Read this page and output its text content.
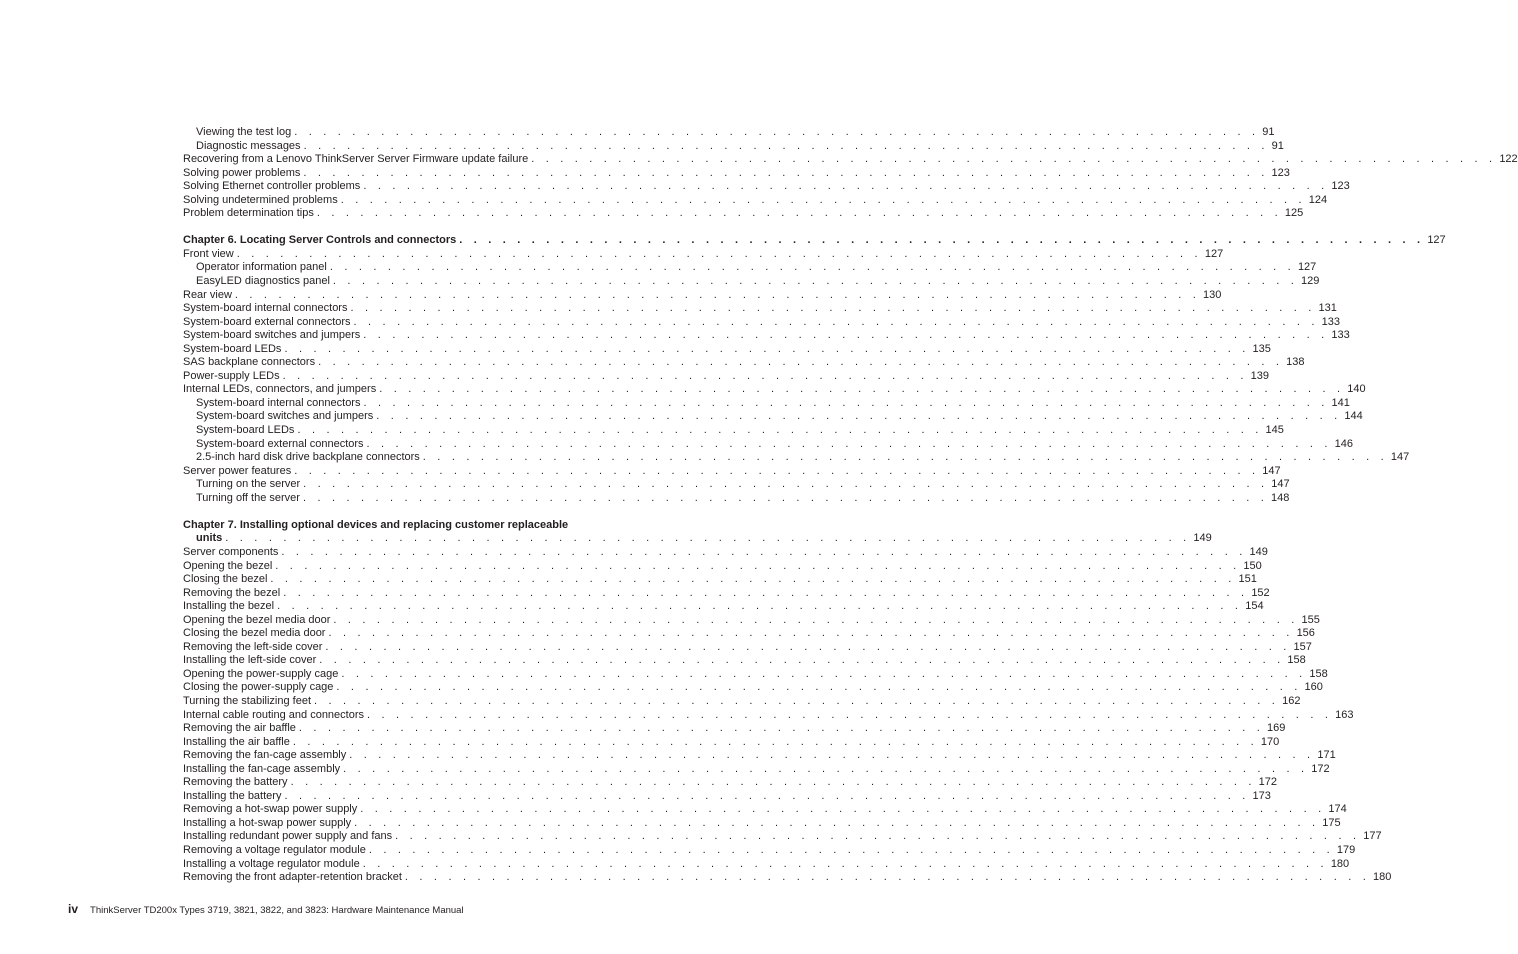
Viewing the test log . . . . . . . . . . . . . . . . . . . . . . . . . . . . . . . . . . . . . . . . . . . . . . . . . . . . . . . . . . . . . . . . . . . 91
Diagnostic messages . . . . . . . . . . . . . . . . . . . . . . . . . . . . . . . . . . . . . . . . . . . . . . . . . . . . . . . . . . . . . . . . . . . 91
Recovering from a Lenovo ThinkServer Server Firmware update failure . . . . . . . . . . . . . . . . . . . . . . . . . . . . . . . . . . . . . . . . . . . . . . . . . . . . . . . . . . . . . . . . . . . 122
Solving power problems . . . . . . . . . . . . . . . . . . . . . . . . . . . . . . . . . . . . . . . . . . . . . . . . . . . . . . . . . . . . . . . . . . . 123
Solving Ethernet controller problems . . . . . . . . . . . . . . . . . . . . . . . . . . . . . . . . . . . . . . . . . . . . . . . . . . . . . . . . . . . . . . . . . . . 123
Solving undetermined problems . . . . . . . . . . . . . . . . . . . . . . . . . . . . . . . . . . . . . . . . . . . . . . . . . . . . . . . . . . . . . . . . . . . 124
Problem determination tips . . . . . . . . . . . . . . . . . . . . . . . . . . . . . . . . . . . . . . . . . . . . . . . . . . . . . . . . . . . . . . . . . . . 125
Chapter 6. Locating Server Controls and connectors . . . . . . . . . . . . . . . . . . . . . . . . . . . . . . . . . . . . . . . . . . . . . . . . . . . . . . . . . . . . . . . . . . . 127
Front view . . . . . . . . . . . . . . . . . . . . . . . . . . . . . . . . . . . . . . . . . . . . . . . . . . . . . . . . . . . . . . . . . . . 127
Operator information panel . . . . . . . . . . . . . . . . . . . . . . . . . . . . . . . . . . . . . . . . . . . . . . . . . . . . . . . . . . . . . . . . . . . 127
EasyLED diagnostics panel . . . . . . . . . . . . . . . . . . . . . . . . . . . . . . . . . . . . . . . . . . . . . . . . . . . . . . . . . . . . . . . . . . . 129
Rear view . . . . . . . . . . . . . . . . . . . . . . . . . . . . . . . . . . . . . . . . . . . . . . . . . . . . . . . . . . . . . . . . . . . 130
System-board internal connectors . . . . . . . . . . . . . . . . . . . . . . . . . . . . . . . . . . . . . . . . . . . . . . . . . . . . . . . . . . . . . . . . . . . 131
System-board external connectors . . . . . . . . . . . . . . . . . . . . . . . . . . . . . . . . . . . . . . . . . . . . . . . . . . . . . . . . . . . . . . . . . . . 133
System-board switches and jumpers . . . . . . . . . . . . . . . . . . . . . . . . . . . . . . . . . . . . . . . . . . . . . . . . . . . . . . . . . . . . . . . . . . . 133
System-board LEDs . . . . . . . . . . . . . . . . . . . . . . . . . . . . . . . . . . . . . . . . . . . . . . . . . . . . . . . . . . . . . . . . . . . 135
SAS backplane connectors . . . . . . . . . . . . . . . . . . . . . . . . . . . . . . . . . . . . . . . . . . . . . . . . . . . . . . . . . . . . . . . . . . . 138
Power-supply LEDs . . . . . . . . . . . . . . . . . . . . . . . . . . . . . . . . . . . . . . . . . . . . . . . . . . . . . . . . . . . . . . . . . . . 139
Internal LEDs, connectors, and jumpers . . . . . . . . . . . . . . . . . . . . . . . . . . . . . . . . . . . . . . . . . . . . . . . . . . . . . . . . . . . . . . . . . . . 140
System-board internal connectors . . . . . . . . . . . . . . . . . . . . . . . . . . . . . . . . . . . . . . . . . . . . . . . . . . . . . . . . . . . . . . . . . . . 141
System-board switches and jumpers . . . . . . . . . . . . . . . . . . . . . . . . . . . . . . . . . . . . . . . . . . . . . . . . . . . . . . . . . . . . . . . . . . . 144
System-board LEDs . . . . . . . . . . . . . . . . . . . . . . . . . . . . . . . . . . . . . . . . . . . . . . . . . . . . . . . . . . . . . . . . . . . 145
System-board external connectors . . . . . . . . . . . . . . . . . . . . . . . . . . . . . . . . . . . . . . . . . . . . . . . . . . . . . . . . . . . . . . . . . . . 146
2.5-inch hard disk drive backplane connectors . . . . . . . . . . . . . . . . . . . . . . . . . . . . . . . . . . . . . . . . . . . . . . . . . . . . . . . . . . . . . . . . . . . 147
Server power features . . . . . . . . . . . . . . . . . . . . . . . . . . . . . . . . . . . . . . . . . . . . . . . . . . . . . . . . . . . . . . . . . . . 147
Turning on the server . . . . . . . . . . . . . . . . . . . . . . . . . . . . . . . . . . . . . . . . . . . . . . . . . . . . . . . . . . . . . . . . . . . 147
Turning off the server . . . . . . . . . . . . . . . . . . . . . . . . . . . . . . . . . . . . . . . . . . . . . . . . . . . . . . . . . . . . . . . . . . . 148
Chapter 7. Installing optional devices and replacing customer replaceable
units . . . . . . . . . . . . . . . . . . . . . . . . . . . . . . . . . . . . . . . . . . . . . . . . . . . . . . . . . . . . . . . . . . . 149
Server components . . . . . . . . . . . . . . . . . . . . . . . . . . . . . . . . . . . . . . . . . . . . . . . . . . . . . . . . . . . . . . . . . . . 149
Opening the bezel . . . . . . . . . . . . . . . . . . . . . . . . . . . . . . . . . . . . . . . . . . . . . . . . . . . . . . . . . . . . . . . . . . . 150
Closing the bezel . . . . . . . . . . . . . . . . . . . . . . . . . . . . . . . . . . . . . . . . . . . . . . . . . . . . . . . . . . . . . . . . . . . 151
Removing the bezel . . . . . . . . . . . . . . . . . . . . . . . . . . . . . . . . . . . . . . . . . . . . . . . . . . . . . . . . . . . . . . . . . . . 152
Installing the bezel . . . . . . . . . . . . . . . . . . . . . . . . . . . . . . . . . . . . . . . . . . . . . . . . . . . . . . . . . . . . . . . . . . . 154
Opening the bezel media door . . . . . . . . . . . . . . . . . . . . . . . . . . . . . . . . . . . . . . . . . . . . . . . . . . . . . . . . . . . . . . . . . . . 155
Closing the bezel media door . . . . . . . . . . . . . . . . . . . . . . . . . . . . . . . . . . . . . . . . . . . . . . . . . . . . . . . . . . . . . . . . . . . 156
Removing the left-side cover . . . . . . . . . . . . . . . . . . . . . . . . . . . . . . . . . . . . . . . . . . . . . . . . . . . . . . . . . . . . . . . . . . . 157
Installing the left-side cover . . . . . . . . . . . . . . . . . . . . . . . . . . . . . . . . . . . . . . . . . . . . . . . . . . . . . . . . . . . . . . . . . . . 158
Opening the power-supply cage . . . . . . . . . . . . . . . . . . . . . . . . . . . . . . . . . . . . . . . . . . . . . . . . . . . . . . . . . . . . . . . . . . . 158
Closing the power-supply cage . . . . . . . . . . . . . . . . . . . . . . . . . . . . . . . . . . . . . . . . . . . . . . . . . . . . . . . . . . . . . . . . . . . 160
Turning the stabilizing feet . . . . . . . . . . . . . . . . . . . . . . . . . . . . . . . . . . . . . . . . . . . . . . . . . . . . . . . . . . . . . . . . . . . 162
Internal cable routing and connectors . . . . . . . . . . . . . . . . . . . . . . . . . . . . . . . . . . . . . . . . . . . . . . . . . . . . . . . . . . . . . . . . . . . 163
Removing the air baffle . . . . . . . . . . . . . . . . . . . . . . . . . . . . . . . . . . . . . . . . . . . . . . . . . . . . . . . . . . . . . . . . . . . 169
Installing the air baffle . . . . . . . . . . . . . . . . . . . . . . . . . . . . . . . . . . . . . . . . . . . . . . . . . . . . . . . . . . . . . . . . . . . 170
Removing the fan-cage assembly . . . . . . . . . . . . . . . . . . . . . . . . . . . . . . . . . . . . . . . . . . . . . . . . . . . . . . . . . . . . . . . . . . . 171
Installing the fan-cage assembly . . . . . . . . . . . . . . . . . . . . . . . . . . . . . . . . . . . . . . . . . . . . . . . . . . . . . . . . . . . . . . . . . . . 172
Removing the battery . . . . . . . . . . . . . . . . . . . . . . . . . . . . . . . . . . . . . . . . . . . . . . . . . . . . . . . . . . . . . . . . . . . 172
Installing the battery . . . . . . . . . . . . . . . . . . . . . . . . . . . . . . . . . . . . . . . . . . . . . . . . . . . . . . . . . . . . . . . . . . . 173
Removing a hot-swap power supply . . . . . . . . . . . . . . . . . . . . . . . . . . . . . . . . . . . . . . . . . . . . . . . . . . . . . . . . . . . . . . . . . . . 174
Installing a hot-swap power supply . . . . . . . . . . . . . . . . . . . . . . . . . . . . . . . . . . . . . . . . . . . . . . . . . . . . . . . . . . . . . . . . . . . 175
Installing redundant power supply and fans . . . . . . . . . . . . . . . . . . . . . . . . . . . . . . . . . . . . . . . . . . . . . . . . . . . . . . . . . . . . . . . . . . . 177
Removing a voltage regulator module . . . . . . . . . . . . . . . . . . . . . . . . . . . . . . . . . . . . . . . . . . . . . . . . . . . . . . . . . . . . . . . . . . . 179
Installing a voltage regulator module . . . . . . . . . . . . . . . . . . . . . . . . . . . . . . . . . . . . . . . . . . . . . . . . . . . . . . . . . . . . . . . . . . . 180
Removing the front adapter-retention bracket . . . . . . . . . . . . . . . . . . . . . . . . . . . . . . . . . . . . . . . . . . . . . . . . . . . . . . . . . . . . . . . . . . . 180
iv ThinkServer TD200x Types 3719, 3821, 3822, and 3823: Hardware Maintenance Manual
